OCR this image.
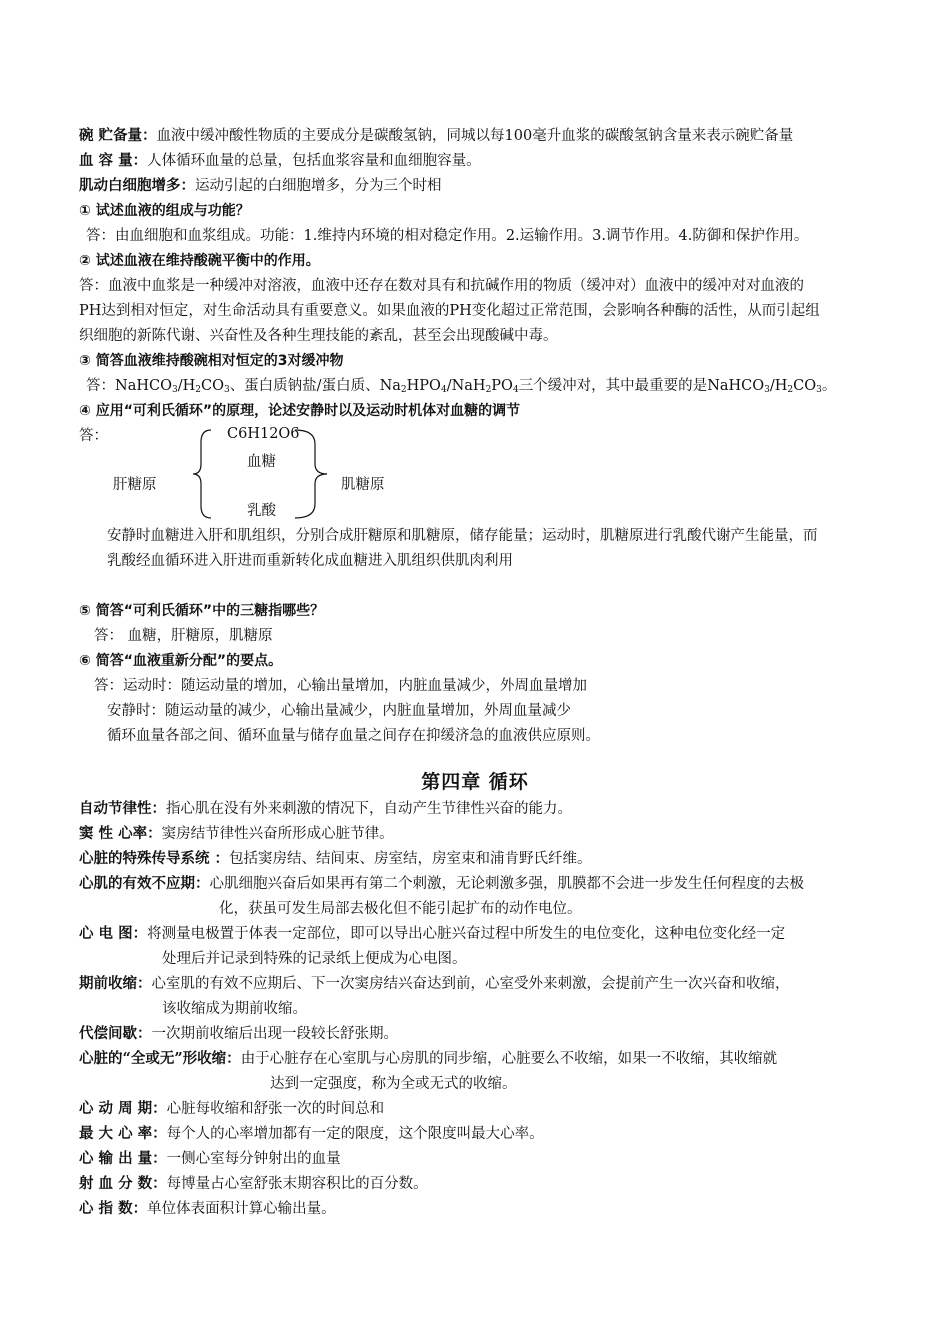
碗 贮备量：血液中缓冲酸性物质的主要成分是碳酸氢钠，同城以每100毫升血浆的碳酸氢钠含量来表示碗贮备量
血 容 量：人体循环血量的总量，包括血浆容量和血细胞容量。
肌动白细胞增多：运动引起的白细胞增多，分为三个时相
① 试述血液的组成与功能？
答：由血细胞和血浆组成。功能：1.维持内环境的相对稳定作用。2.运输作用。3.调节作用。4.防御和保护作用。
② 试述血液在维持酸碗平衡中的作用。
答：血液中血浆是一种缓冲对溶液，血液中还存在数对具有和抗碱作用的物质（缓冲对）血液中的缓冲对对血液的
PH达到相对恒定，对生命活动具有重要意义。如果血液的PH变化超过正常范围，会影响各种酶的活性，从而引起组
织细胞的新陈代谢、兴奋性及各种生理技能的紊乱，甚至会出现酸碱中毒。
③ 简答血液维持酸碗相对恒定的3对缓冲物
答：$NaHCO_3/H_2CO_3$、蛋白质钠盐/蛋白质、$Na_2HPO_4/NaH_2PO_4$三个缓冲对，其中最重要的是$NaHCO_3/H_2CO_3$。
④ 应用“可利氏循环”的原理，论述安静时以及运动时机体对血糖的调节
答：	C6H12O6
血糖
肝糖原	肌糖原
乳酸
安静时血糖进入肝和肌组织，分别合成肝糖原和肌糖原，储存能量；运动时，肌糖原进行乳酸代谢产生能量，而
乳酸经血循环进入肝进而重新转化成血糖进入肌组织供肌肉利用
⑤ 简答“可利氏循环”中的三糖指哪些？
答： 血糖，肝糖原，肌糖原
⑥ 简答“血液重新分配”的要点。
答：运动时：随运动量的增加，心输出量增加，内脏血量减少，外周血量增加
安静时：随运动量的减少，心输出量减少，内脏血量增加，外周血量减少
循环血量各部之间、循环血量与储存血量之间存在抑缓济急的血液供应原则。
第四章 循环
自动节律性：指心肌在没有外来刺激的情况下，自动产生节律性兴奋的能力。
窦 性 心率：窦房结节律性兴奋所形成心脏节律。
心脏的特殊传导系统 ：包括窦房结、结间束、房室结，房室束和浦肯野氏纤维。
心肌的有效不应期：心肌细胞兴奋后如果再有第二个刺激，无论刺激多强，肌膜都不会进一步发生任何程度的去极
化，获虽可发生局部去极化但不能引起扩布的动作电位。
心 电 图：将测量电极置于体表一定部位，即可以导出心脏兴奋过程中所发生的电位变化，这种电位变化经一定
处理后并记录到特殊的记录纸上便成为心电图。
期前收缩：心室肌的有效不应期后、下一次窦房结兴奋达到前，心室受外来刺激，会提前产生一次兴奋和收缩，
该收缩成为期前收缩。
代偿间歇：一次期前收缩后出现一段较长舒张期。
心脏的“全或无”形收缩：由于心脏存在心室肌与心房肌的同步缩，心脏要么不收缩，如果一不收缩，其收缩就
达到一定强度，称为全或无式的收缩。
心 动 周 期：心脏每收缩和舒张一次的时间总和
最 大 心 率：每个人的心率增加都有一定的限度，这个限度叫最大心率。
心 输 出 量：一侧心室每分钟射出的血量
射 血 分 数：每博量占心室舒张末期容积比的百分数。
心 指 数：单位体表面积计算心输出量。
